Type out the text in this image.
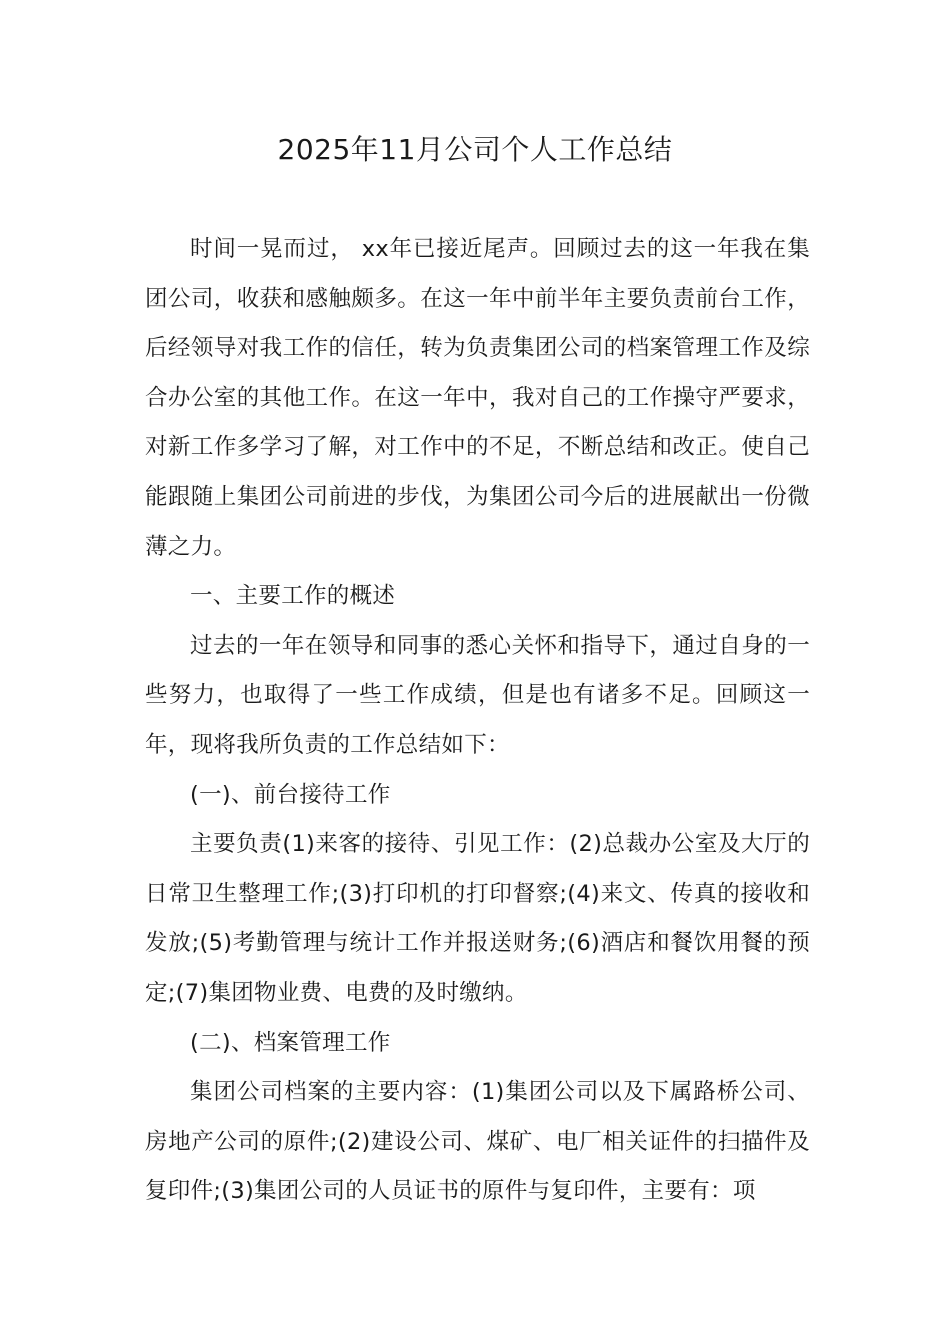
2025年11月公司个人工作总结

时间一晃而过， xx年已接近尾声。回顾过去的这一年我在集团公司，收获和感触颇多。在这一年中前半年主要负责前台工作，后经领导对我工作的信任，转为负责集团公司的档案管理工作及综合办公室的其他工作。在这一年中，我对自己的工作操守严要求，对新工作多学习了解，对工作中的不足，不断总结和改正。使自己能跟随上集团公司前进的步伐，为集团公司今后的进展献出一份微薄之力。

一、主要工作的概述

过去的一年在领导和同事的悉心关怀和指导下，通过自身的一些努力，也取得了一些工作成绩，但是也有诸多不足。回顾这一年，现将我所负责的工作总结如下：

(一)、前台接待工作

主要负责(1)来客的接待、引见工作：(2)总裁办公室及大厅的日常卫生整理工作;(3)打印机的打印督察;(4)来文、传真的接收和发放;(5)考勤管理与统计工作并报送财务;(6)酒店和餐饮用餐的预定;(7)集团物业费、电费的及时缴纳。

(二)、档案管理工作

集团公司档案的主要内容：(1)集团公司以及下属路桥公司、房地产公司的原件;(2)建设公司、煤矿、电厂相关证件的扫描件及复印件;(3)集团公司的人员证书的原件与复印件，主要有：项
